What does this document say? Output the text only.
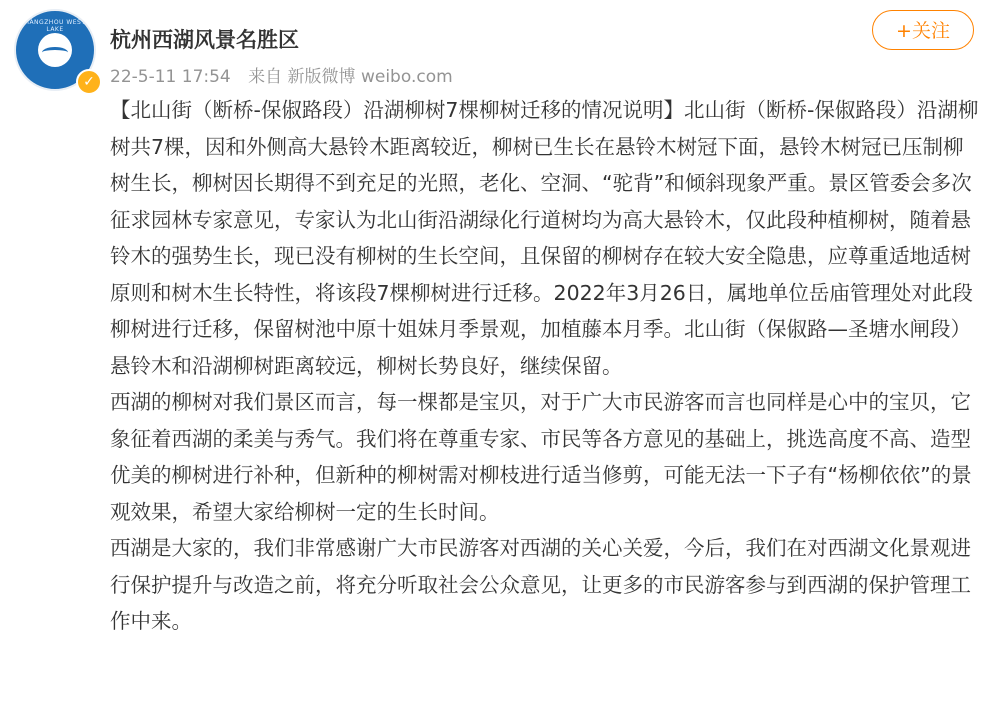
HANGZHOU WEST LAKE
✓
杭州西湖风景名胜区
22-5-11 17:54 来自 新版微博 weibo.com
+关注

【北山街（断桥-保俶路段）沿湖柳树7棵柳树迁移的情况说明】北山街（断桥-保俶路段）沿湖柳树共7棵，因和外侧高大悬铃木距离较近，柳树已生长在悬铃木树冠下面，悬铃木树冠已压制柳树生长，柳树因长期得不到充足的光照，老化、空洞、“驼背”和倾斜现象严重。景区管委会多次征求园林专家意见，专家认为北山街沿湖绿化行道树均为高大悬铃木，仅此段种植柳树，随着悬铃木的强势生长，现已没有柳树的生长空间，且保留的柳树存在较大安全隐患，应尊重适地适树原则和树木生长特性，将该段7棵柳树进行迁移。2022年3月26日，属地单位岳庙管理处对此段柳树进行迁移，保留树池中原十姐妹月季景观，加植藤本月季。北山街（保俶路—圣塘水闸段）悬铃木和沿湖柳树距离较远，柳树长势良好，继续保留。

西湖的柳树对我们景区而言，每一棵都是宝贝，对于广大市民游客而言也同样是心中的宝贝，它象征着西湖的柔美与秀气。我们将在尊重专家、市民等各方意见的基础上，挑选高度不高、造型优美的柳树进行补种，但新种的柳树需对柳枝进行适当修剪，可能无法一下子有“杨柳依依”的景观效果，希望大家给柳树一定的生长时间。

西湖是大家的，我们非常感谢广大市民游客对西湖的关心关爱，今后，我们在对西湖文化景观进行保护提升与改造之前，将充分听取社会公众意见，让更多的市民游客参与到西湖的保护管理工作中来。
